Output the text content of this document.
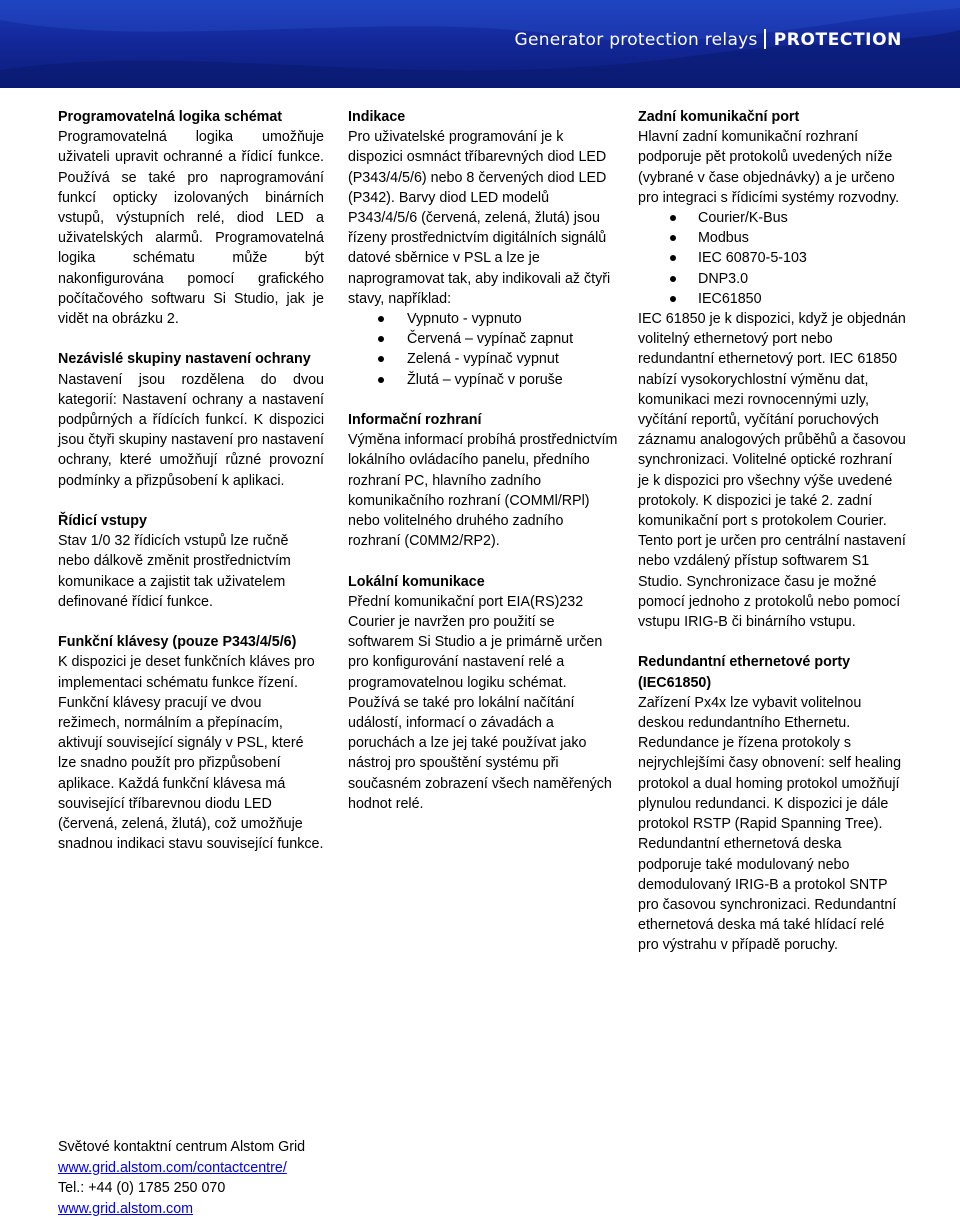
Generator protection relays PROTECTION
Programovatelná logika schémat

Programovatelná logika umožňuje uživateli upravit ochranné a řídicí funkce. Používá se také pro naprogramování funkcí opticky izolovaných binárních vstupů, výstupních relé, diod LED a uživatelských alarmů. Programovatelná logika schématu může být nakonfigurována pomocí grafického počítačového softwaru Si Studio, jak je vidět na obrázku 2.

Nezávislé skupiny nastavení ochrany

Nastavení jsou rozdělena do dvou kategorií: Nastavení ochrany a nastavení podpůrných a řídících funkcí. K dispozici jsou čtyři skupiny nastavení pro nastavení ochrany, které umožňují různé provozní podmínky a přizpůsobení k aplikaci.

Řídicí vstupy

Stav 1/0 32 řídicích vstupů lze ručně nebo dálkově změnit prostřednictvím komunikace a zajistit tak uživatelem definované řídicí funkce.

Funkční klávesy (pouze P343/4/5/6)

K dispozici je deset funkčních kláves pro implementaci schématu funkce řízení. Funkční klávesy pracují ve dvou režimech, normálním a přepínacím, aktivují související signály v PSL, které lze snadno použít pro přizpůsobení aplikace. Každá funkční klávesa má související tříbarevnou diodu LED (červená, zelená, žlutá), což umožňuje snadnou indikaci stavu související funkce.

Indikace

Pro uživatelské programování je k dispozici osmnáct tříbarevných diod LED (P343/4/5/6) nebo 8 červených diod LED (P342). Barvy diod LED modelů P343/4/5/6 (červená, zelená, žlutá) jsou řízeny prostřednictvím digitálních signálů datové sběrnice v PSL a lze je naprogramovat tak, aby indikovali až čtyři stavy, například:

Vypnuto - vypnuto
Červená – vypínač zapnut
Zelená - vypínač vypnut
Žlutá – vypínač v poruše
Informační rozhraní

Výměna informací probíhá prostřednictvím lokálního ovládacího panelu, předního rozhraní PC, hlavního zadního komunikačního rozhraní (COMMl/RPl) nebo volitelného druhého zadního rozhraní (C0MM2/RP2).

Lokální komunikace

Přední komunikační port EIA(RS)232 Courier je navržen pro použití se softwarem Si Studio a je primárně určen pro konfigurování nastavení relé a programovatelnou logiku schémat. Používá se také pro lokální načítání událostí, informací o závadách a poruchách a lze jej také používat jako nástroj pro spouštění systému při současném zobrazení všech naměřených hodnot relé.

Zadní komunikační port

Hlavní zadní komunikační rozhraní podporuje pět protokolů uvedených níže (vybrané v čase objednávky) a je určeno pro integraci s řídicími systémy rozvodny.

Courier/K-Bus
Modbus
IEC 60870-5-103
DNP3.0
IEC61850

IEC 61850 je k dispozici, když je objednán volitelný ethernetový port nebo redundantní ethernetový port. IEC 61850 nabízí vysokorychlostní výměnu dat, komunikaci mezi rovnocennými uzly, vyčítání reportů, vyčítání poruchových záznamu analogových průběhů a časovou synchronizaci. Volitelné optické rozhraní je k dispozici pro všechny výše uvedené protokoly. K dispozici je také 2. zadní komunikační port s protokolem Courier. Tento port je určen pro centrální nastavení nebo vzdálený přístup softwarem S1 Studio. Synchronizace času je možné pomocí jednoho z protokolů nebo pomocí vstupu IRIG-B či binárního vstupu.

Redundantní ethernetové porty (IEC61850)

Zařízení Px4x lze vybavit volitelnou deskou redundantního Ethernetu. Redundance je řízena protokoly s nejrychlejšími časy obnovení: self healing protokol a dual homing protokol umožňují plynulou redundanci. K dispozici je dále protokol RSTP (Rapid Spanning Tree). Redundantní ethernetová deska podporuje také modulovaný nebo demodulovaný IRIG-B a protokol SNTP pro časovou synchronizaci. Redundantní ethernetová deska má také hlídací relé pro výstrahu v případě poruchy.

Světové kontaktní centrum Alstom Grid
www.grid.alstom.com/contactcentre/
Tel.: +44 (0) 1785 250 070
www.grid.alstom.com
